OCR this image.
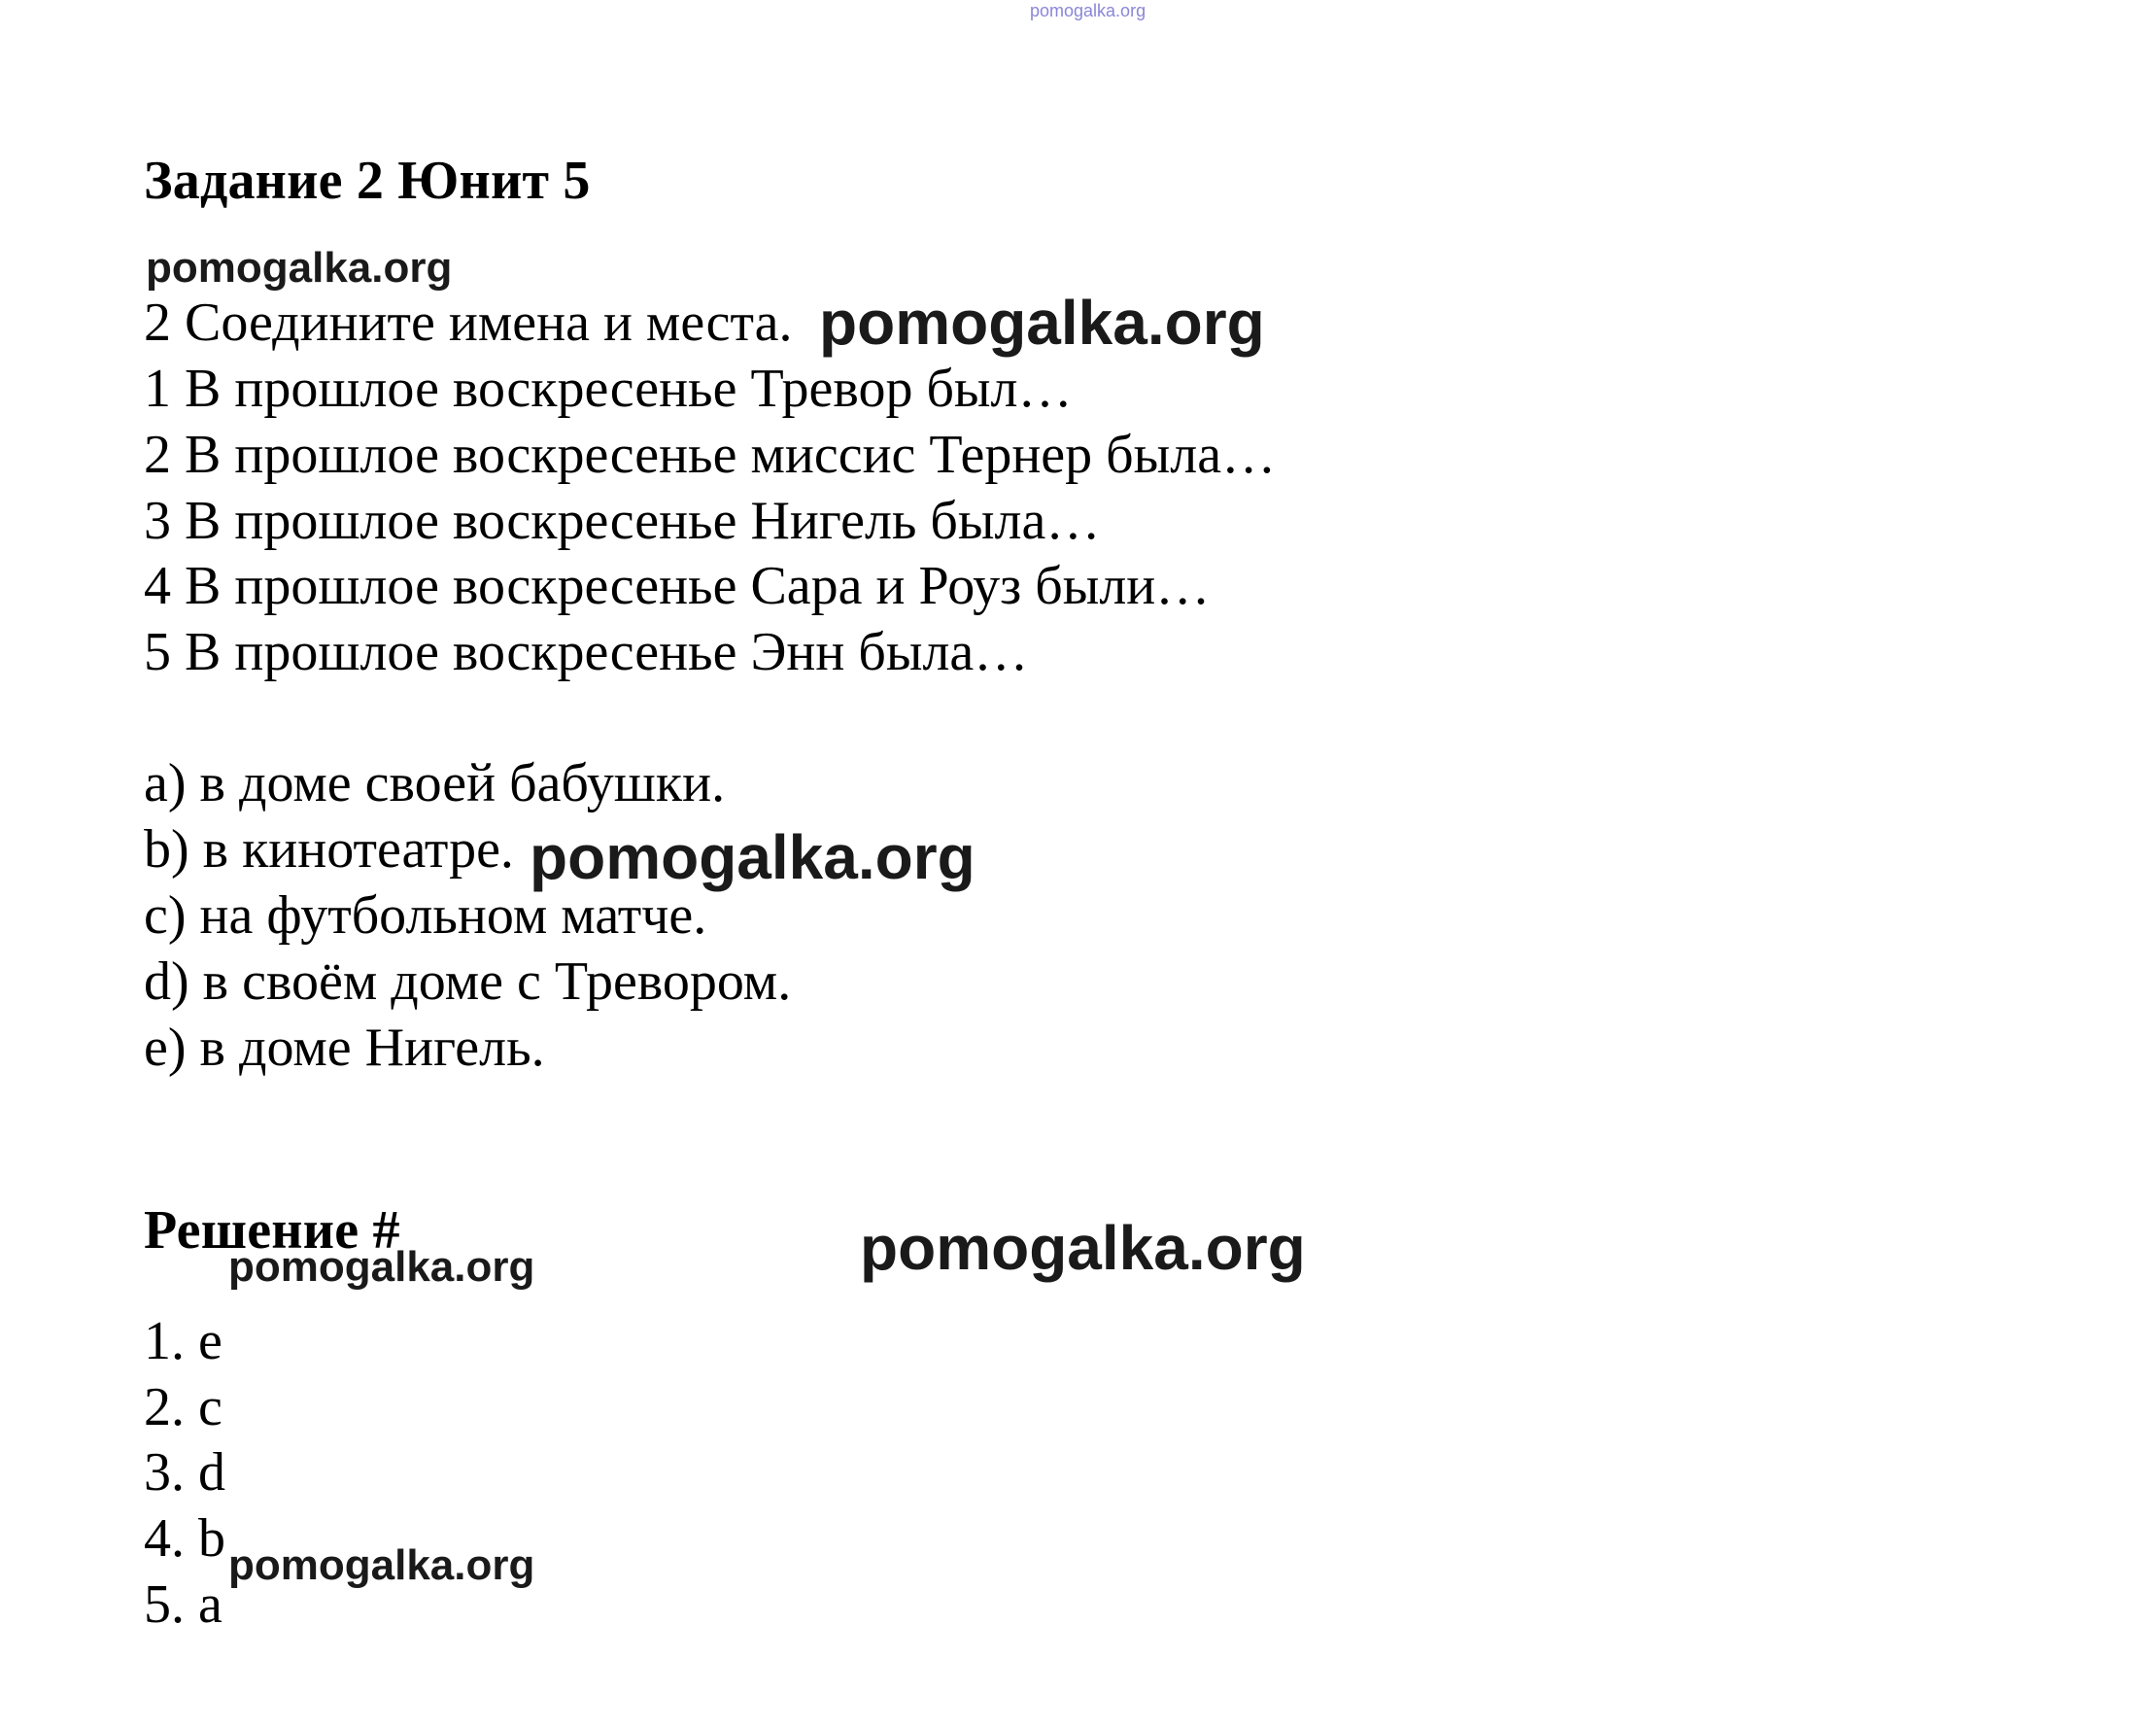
pomogalka.org
Задание 2 Юнит 5
pomogalka.org
2 Соедините имена и места. pomogalka.org
1 В прошлое воскресенье Тревор был…
2 В прошлое воскресенье миссис Тернер была…
3 В прошлое воскресенье Нигель была…
4 В прошлое воскресенье Сара и Роуз были…
5 В прошлое воскресенье Энн была…
a) в доме своей бабушки.
b) в кинотеатре. pomogalka.org
c) на футбольном матче.
d) в своём доме с Тревором.
e) в доме Нигель.
Решение #
pomogalka.org	pomogalka.org
1. e
2. c
3. d
4. b pomogalka.org
5. a
